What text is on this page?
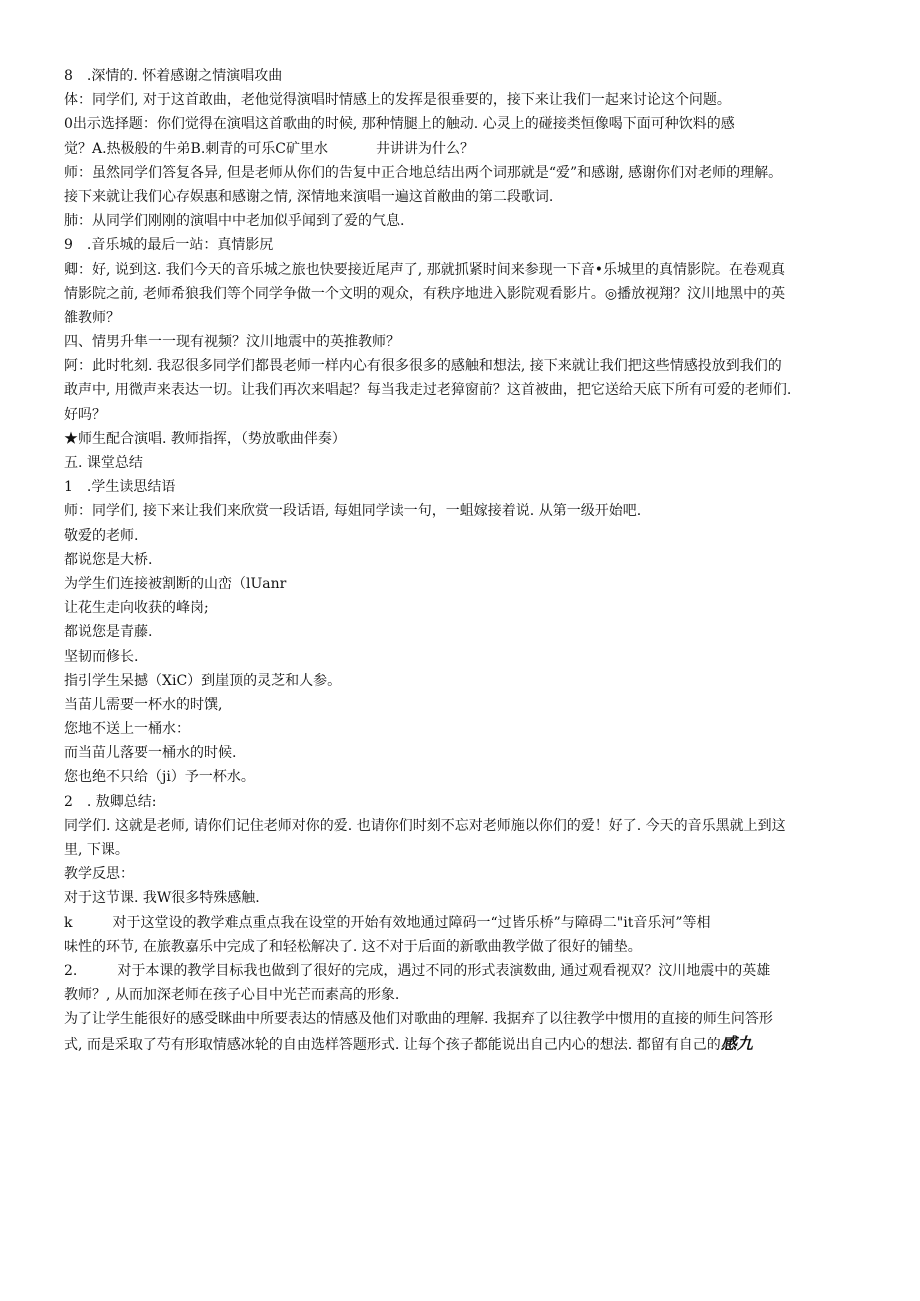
8　.深情的. 怀着感谢之情演唱攻曲
体：同学们, 对于这首敢曲，老他觉得演唱时情感上的发挥是很垂要的，接下来让我们一起来讨论这个问题。
0出示选择题：你们觉得在演唱这首歌曲的时候, 那种情腿上的触动. 心灵上的碰接类恒像喝下面可种饮料的感
觉？A.热极般的牛弟B.刺青的可乐C矿里水	井讲讲为什么？
师：虽然同学们答复各异, 但是老师从你们的告复中正合地总结出两个词那就是“爱”和感谢, 感谢你们对老师的理解。
接下来就让我们心存娱惠和感谢之情, 深情地来演唱一遍这首敝曲的第二段歌词.
肺：从同学们刚刚的演唱中中老加似乎闻到了爱的气息.
9　.音乐城的最后一站：真情影尻
卿：好, 说到这. 我们今天的音乐城之旅也快要接近尾声了, 那就抓紧时间来参现一下音•乐城里的真情影院。在卷观真
情影院之前, 老师希狼我们等个同学争做一个文明的观众，有秩序地进入影院观看影片。◎播放视翔？汶川地黑中的英
雒教师？
四、情男升隼一一现有视频？汶川地震中的英推教师？
阿：此时牝刻. 我忍很多同学们都畏老师一样内心有很多很多的感触和想法, 接下来就让我们把这些情感投放到我们的
敢声中, 用微声来表达一切。让我们再次来唱起？每当我走过老獐窗前？这首被曲，把它送给天底下所有可爱的老师们.
好吗？
★师生配合演唱. 教师指挥，（势放歌曲伴奏）
五. 课堂总结
1　.学生读思结语
师：同学们, 接下来让我们来欣赏一段话语, 每姐同学读一句，一蛆嫁接着说. 从第一级开始吧.
敬爱的老师.
都说您是大桥.
为学生们连接被割断的山峦（lUanr
让花生走向收获的峰岗;
都说您是青藤.
坚韧而修长.
指引学生呆撼（XiC）到崖顶的灵芝和人参。
当苗儿需要一杯水的时馔,
您地不送上一桶水：
而当苗儿落要一桶水的时候.
您也绝不只给（ji）予一杯水。
2　. 敖卿总结:
同学们. 这就是老师, 请你们记住老师对你的爱. 也请你们时刻不忘对老师施以你们的爱！好了. 今天的音乐黑就上到这
里, 下课。
教学反思：
对于这节课. 我W很多特殊感触.
k	对于这堂设的教学难点重点我在设堂的开始有效地通过障码一“过皆乐桥”与障碍二"it音乐河”等相
味性的环节, 在旅教嘉乐中完成了和轻松解决了. 这不对于后面的新歌曲教学做了很好的铺垫。
2.	对于本课的教学目标我也做到了很好的完成，遇过不同的形式表演数曲, 通过观看视双？汶川地震中的英雄
教师？, 从而加深老师在孩子心目中光芒而素高的形象.
为了让学生能很好的感受眯曲中所要表达的情感及他们对歌曲的理解. 我据弃了以往教学中惯用的直接的师生问答形
式, 而是采取了芍有形取情感冰轮的自由选样答题形式. 让每个孩子都能说出自己内心的想法. 都留有自己的感九
